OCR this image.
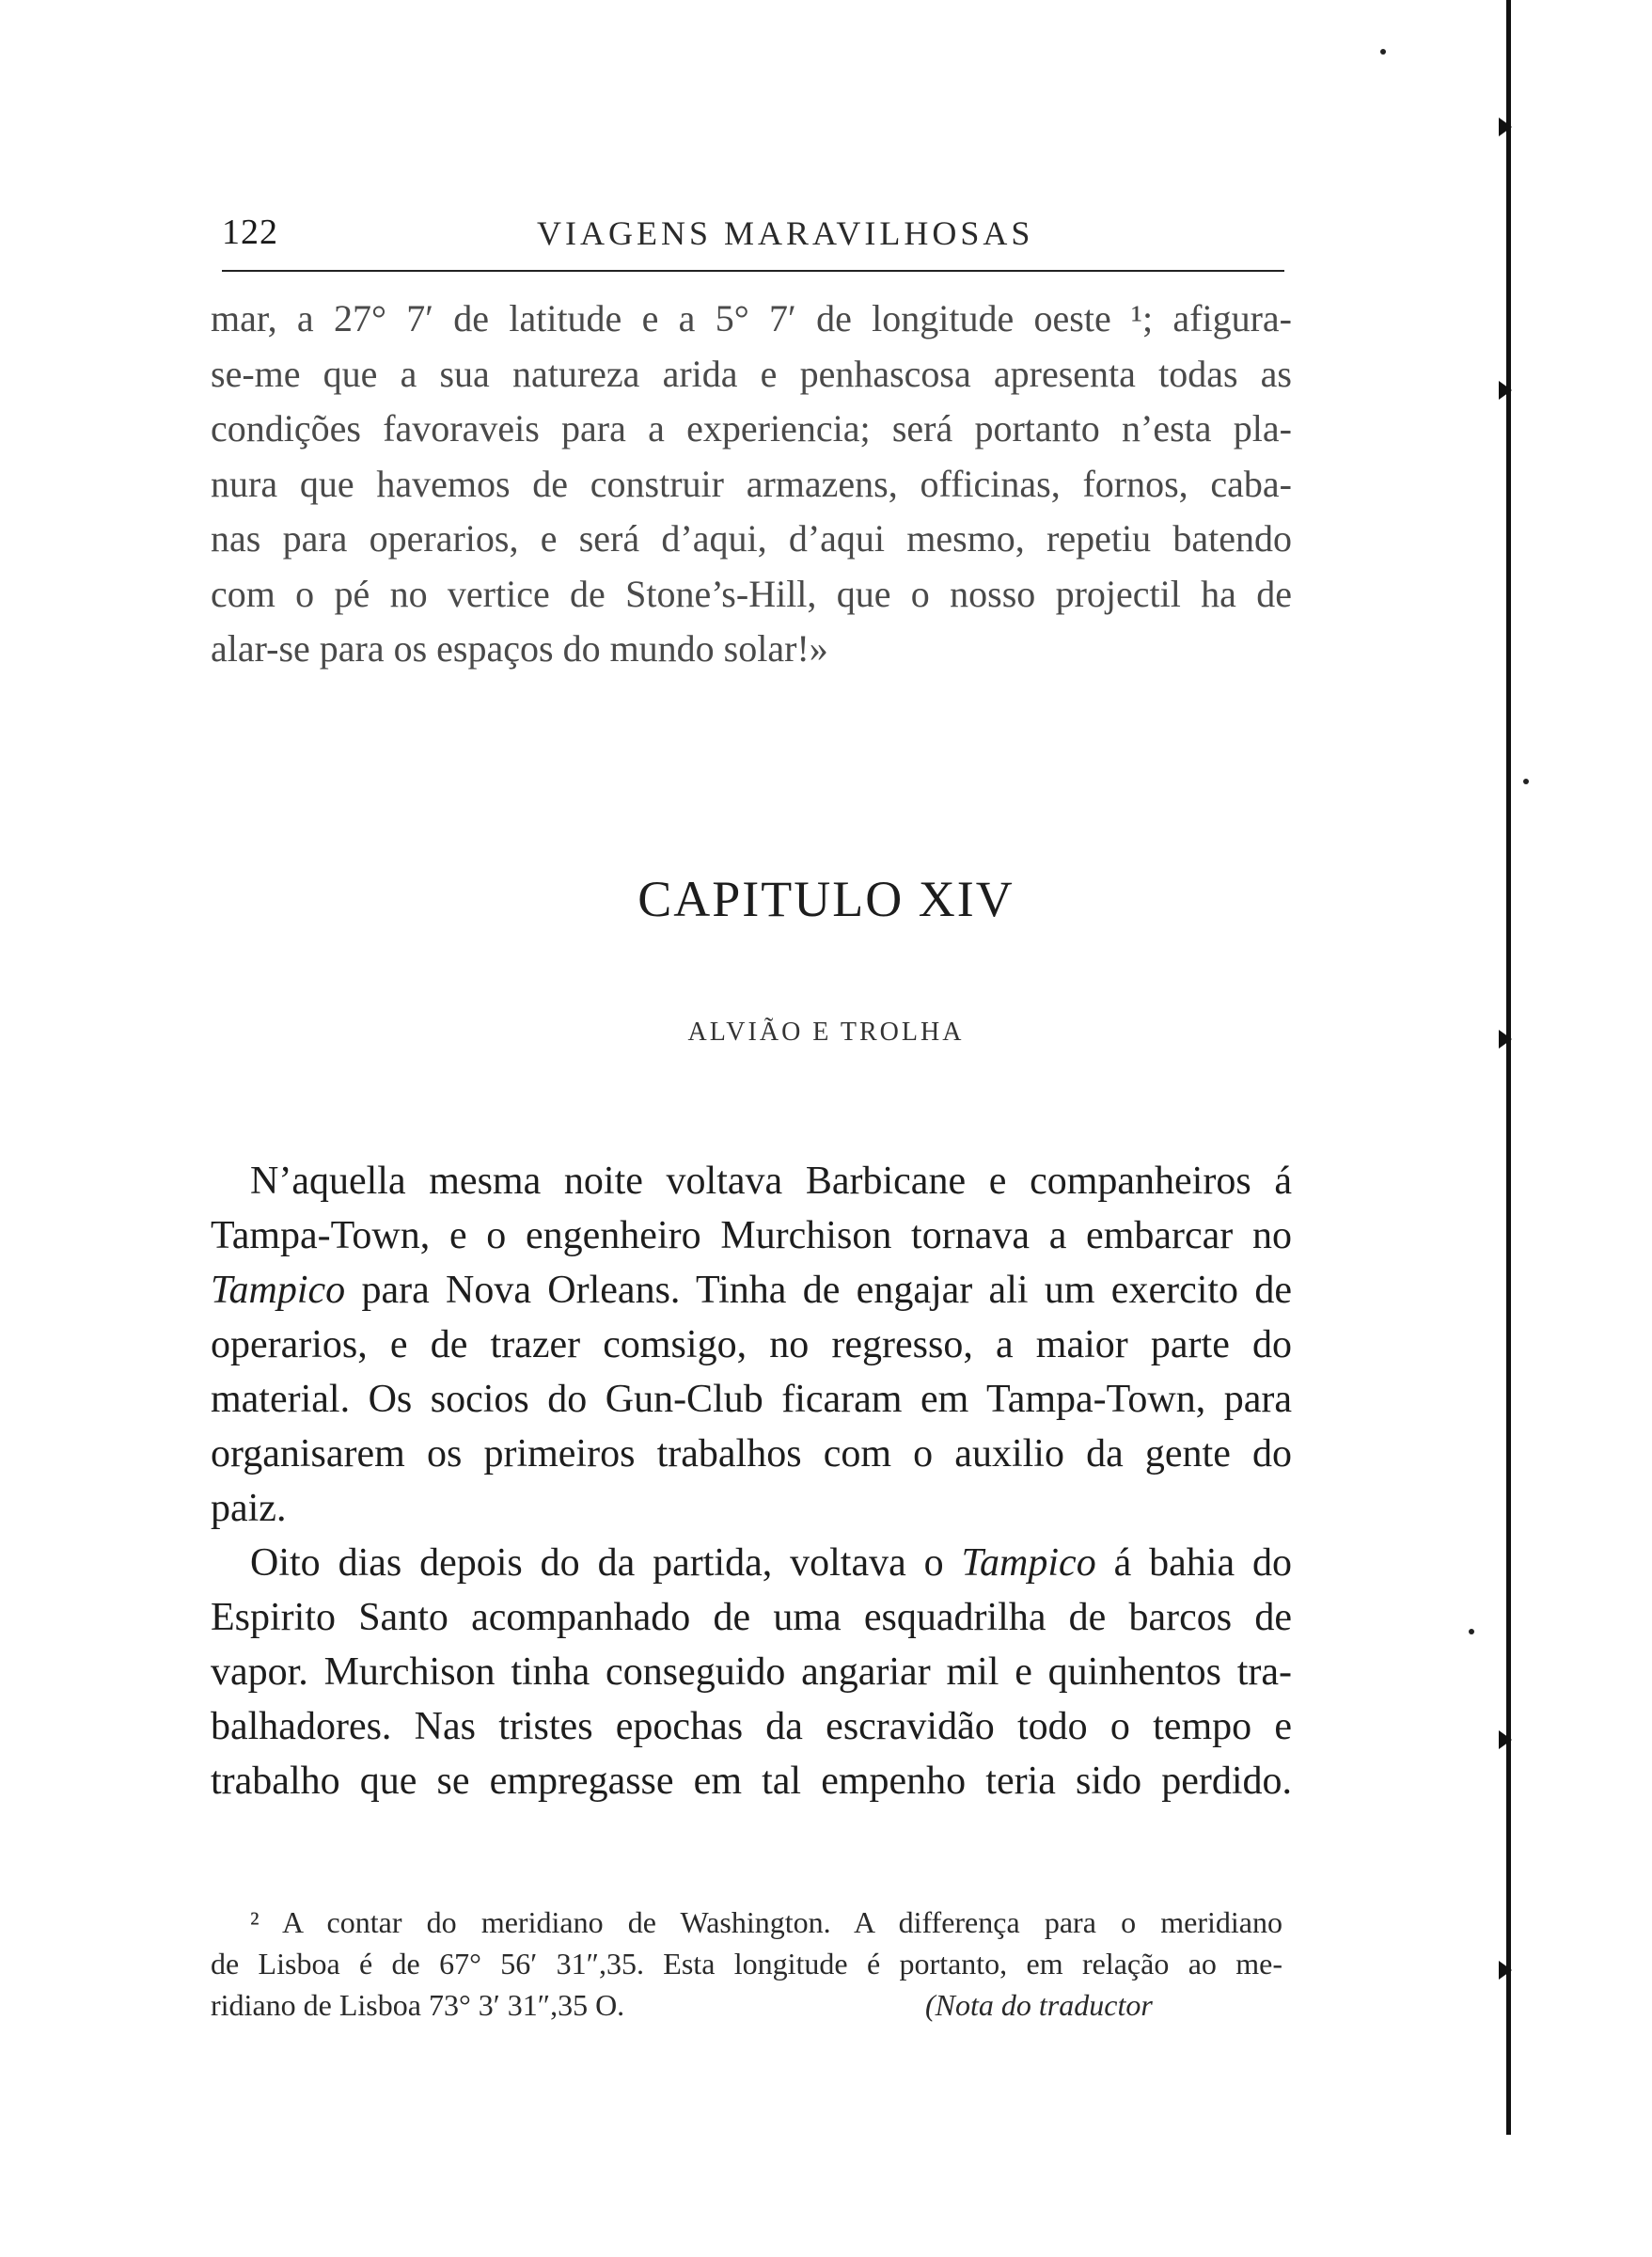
122	VIAGENS MARAVILHOSAS
mar, a 27° 7′ de latitude e a 5° 7′ de longitude oeste ¹; afigura-
se-me que a sua natureza arida e penhascosa apresenta todas as
condições favoraveis para a experiencia; será portanto n’esta pla-
nura que havemos de construir armazens, officinas, fornos, caba-
nas para operarios, e será d’aqui, d’aqui mesmo, repetiu batendo
com o pé no vertice de Stone’s-Hill, que o nosso projectil ha de
alar-se para os espaços do mundo solar!»
CAPITULO XIV
ALVIÃO E TROLHA
N’aquella mesma noite voltava Barbicane e companheiros á
Tampa-Town, e o engenheiro Murchison tornava a embarcar no
Tampico para Nova Orleans. Tinha de engajar ali um exercito de
operarios, e de trazer comsigo, no regresso, a maior parte do
material. Os socios do Gun-Club ficaram em Tampa-Town, para
organisarem os primeiros trabalhos com o auxilio da gente do
paiz.
Oito dias depois do da partida, voltava o Tampico á bahia do
Espirito Santo acompanhado de uma esquadrilha de barcos de
vapor. Murchison tinha conseguido angariar mil e quinhentos tra-
balhadores. Nas tristes epochas da escravidão todo o tempo e
trabalho que se empregasse em tal empenho teria sido perdido.
² A contar do meridiano de Washington. A differença para o meridiano
de Lisboa é de 67° 56′ 31″,35. Esta longitude é portanto, em relação ao me-
ridiano de Lisboa 73° 3′ 31″,35 O.	(Nota do traductor
